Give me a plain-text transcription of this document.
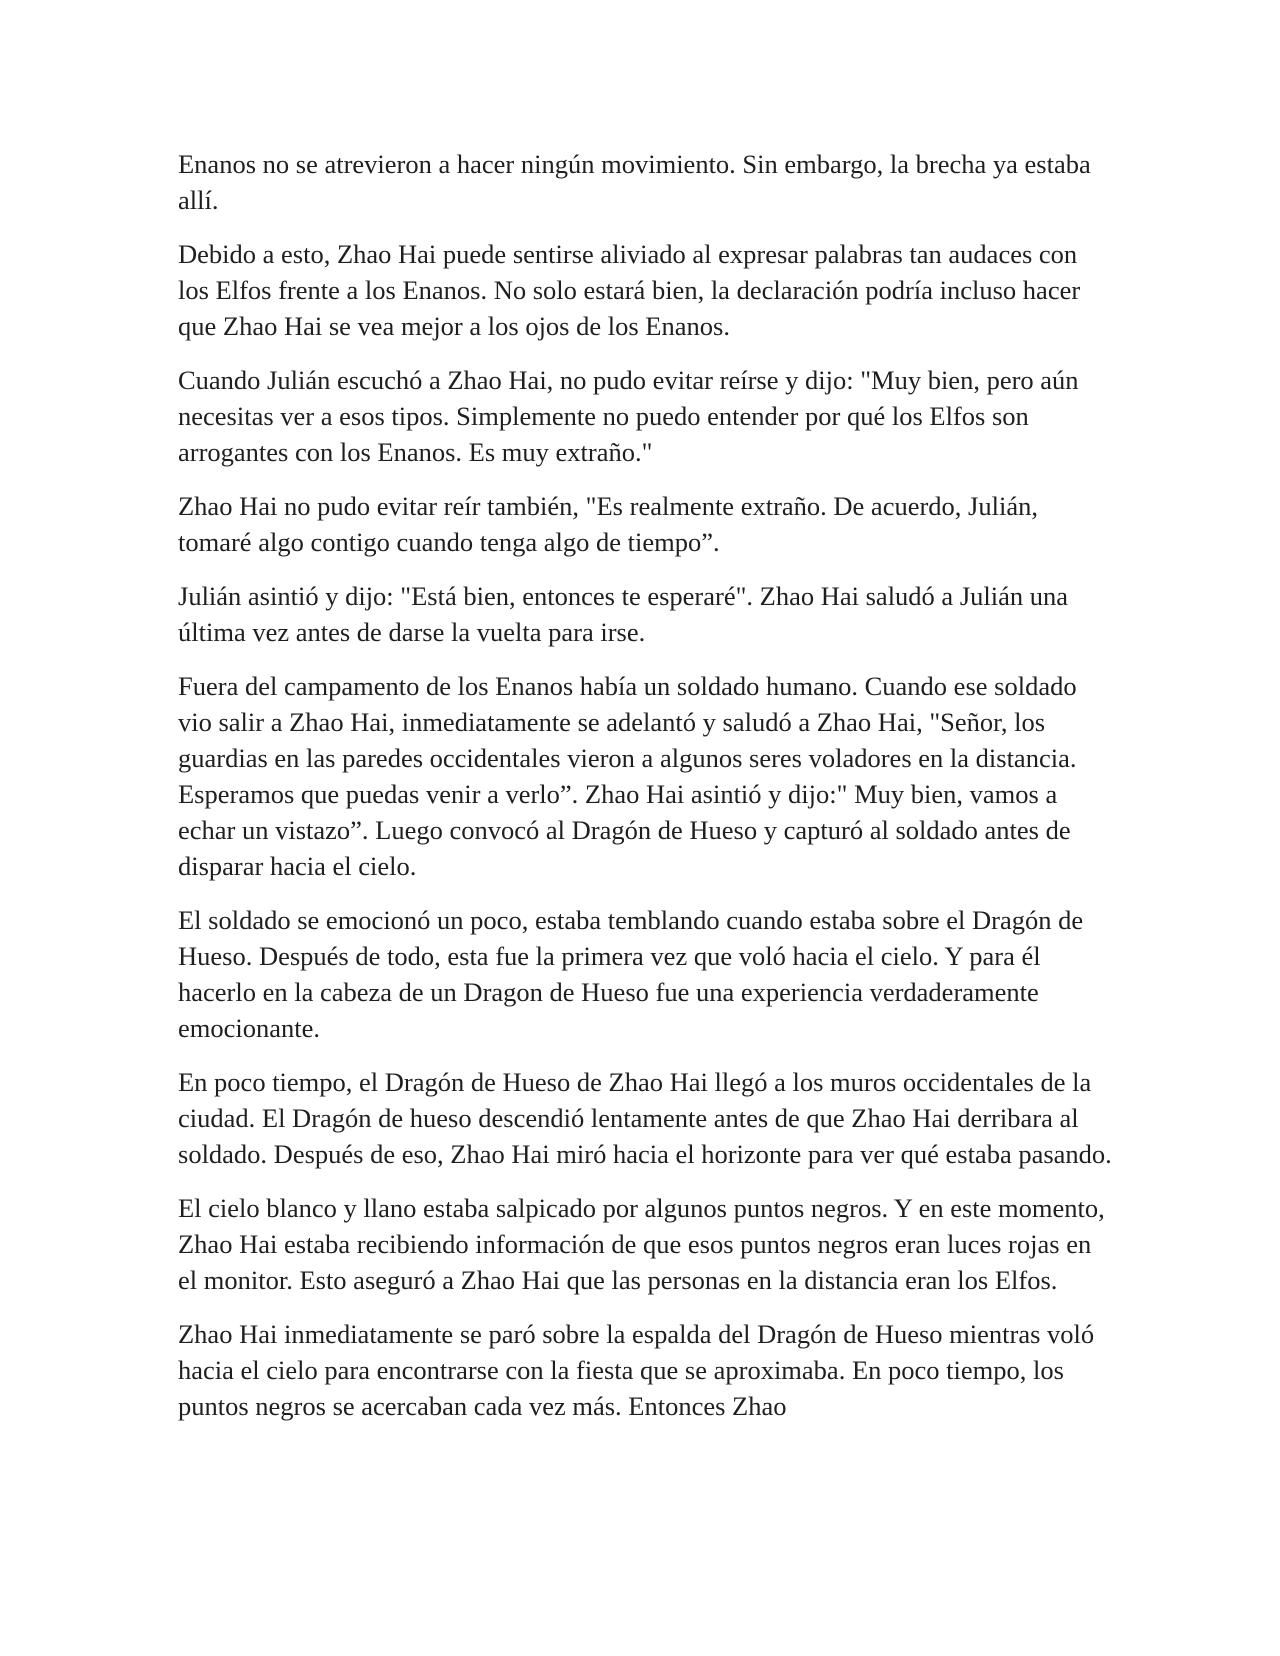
Enanos no se atrevieron a hacer ningún movimiento. Sin embargo, la brecha ya estaba allí.

Debido a esto, Zhao Hai puede sentirse aliviado al expresar palabras tan audaces con los Elfos frente a los Enanos. No solo estará bien, la declaración podría incluso hacer que Zhao Hai se vea mejor a los ojos de los Enanos.

Cuando Julián escuchó a Zhao Hai, no pudo evitar reírse y dijo: "Muy bien, pero aún necesitas ver a esos tipos. Simplemente no puedo entender por qué los Elfos son arrogantes con los Enanos. Es muy extraño."

Zhao Hai no pudo evitar reír también, "Es realmente extraño. De acuerdo, Julián, tomaré algo contigo cuando tenga algo de tiempo”.

Julián asintió y dijo: "Está bien, entonces te esperaré". Zhao Hai saludó a Julián una última vez antes de darse la vuelta para irse.

Fuera del campamento de los Enanos había un soldado humano. Cuando ese soldado vio salir a Zhao Hai, inmediatamente se adelantó y saludó a Zhao Hai, "Señor, los guardias en las paredes occidentales vieron a algunos seres voladores en la distancia. Esperamos que puedas venir a verlo”. Zhao Hai asintió y dijo:" Muy bien, vamos a echar un vistazo”. Luego convocó al Dragón de Hueso y capturó al soldado antes de disparar hacia el cielo.

El soldado se emocionó un poco, estaba temblando cuando estaba sobre el Dragón de Hueso. Después de todo, esta fue la primera vez que voló hacia el cielo. Y para él hacerlo en la cabeza de un Dragon de Hueso fue una experiencia verdaderamente emocionante.

En poco tiempo, el Dragón de Hueso de Zhao Hai llegó a los muros occidentales de la ciudad. El Dragón de hueso descendió lentamente antes de que Zhao Hai derribara al soldado. Después de eso, Zhao Hai miró hacia el horizonte para ver qué estaba pasando.

El cielo blanco y llano estaba salpicado por algunos puntos negros. Y en este momento, Zhao Hai estaba recibiendo información de que esos puntos negros eran luces rojas en el monitor. Esto aseguró a Zhao Hai que las personas en la distancia eran los Elfos.

Zhao Hai inmediatamente se paró sobre la espalda del Dragón de Hueso mientras voló hacia el cielo para encontrarse con la fiesta que se aproximaba. En poco tiempo, los puntos negros se acercaban cada vez más. Entonces Zhao
